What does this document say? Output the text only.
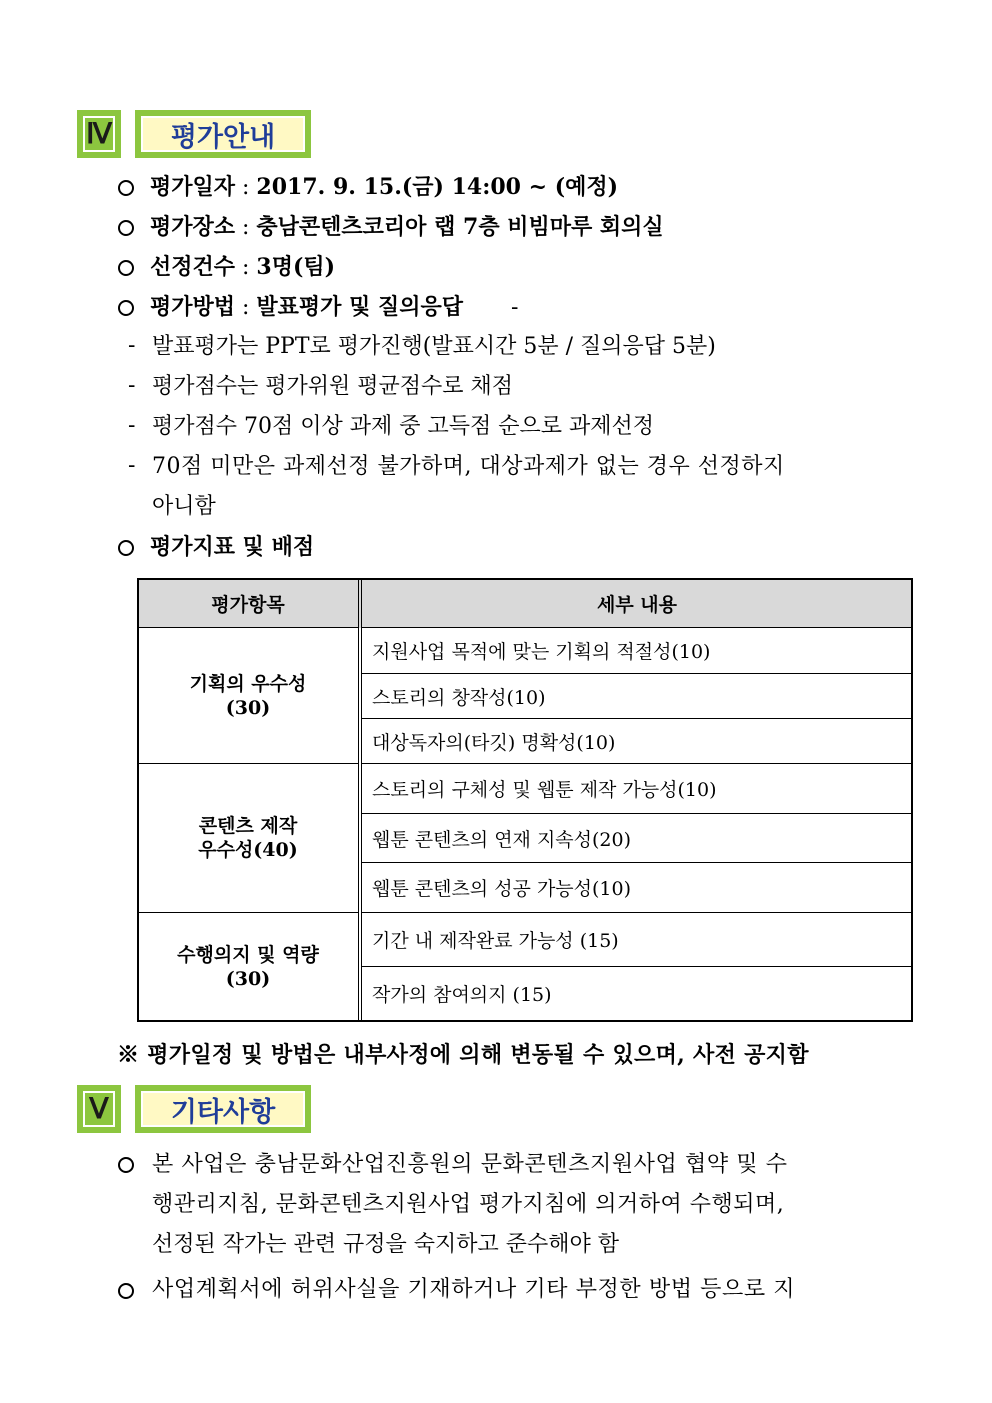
Ⅳ	평가안내
평가일자 : 2017. 9. 15.(금) 14:00 ~ (예정)
평가장소 : 충남콘텐츠코리아 랩 7층 비빔마루 회의실
선정건수 : 3명(팀)
평가방법 : 발표평가 및 질의응답 -
- 발표평가는 PPT로 평가진행(발표시간 5분 / 질의응답 5분)
- 평가점수는 평가위원 평균점수로 채점
- 평가점수 70점 이상 과제 중 고득점 순으로 과제선정
- 70점 미만은 과제선정 불가하며, 대상과제가 없는 경우 선정하지
아니함
평가지표 및 배점
평가항목	세부 내용

기획의 우수성
(30)	지원사업 목적에 맞는 기획의 적절성(10)
	스토리의 창작성(10)
	대상독자의(타깃) 명확성(10)

콘텐츠 제작
우수성(40)	스토리의 구체성 및 웹툰 제작 가능성(10)
	웹툰 콘텐츠의 연재 지속성(20)
	웹툰 콘텐츠의 성공 가능성(10)

수행의지 및 역량
(30)	기간 내 제작완료 가능성 (15)
	작가의 참여의지 (15)
※ 평가일정 및 방법은 내부사정에 의해 변동될 수 있으며, 사전 공지함
Ⅴ	기타사항
본 사업은 충남문화산업진흥원의 문화콘텐츠지원사업 협약 및 수
행관리지침, 문화콘텐츠지원사업 평가지침에 의거하여 수행되며,
선정된 작가는 관련 규정을 숙지하고 준수해야 함
사업계획서에 허위사실을 기재하거나 기타 부정한 방법 등으로 지
